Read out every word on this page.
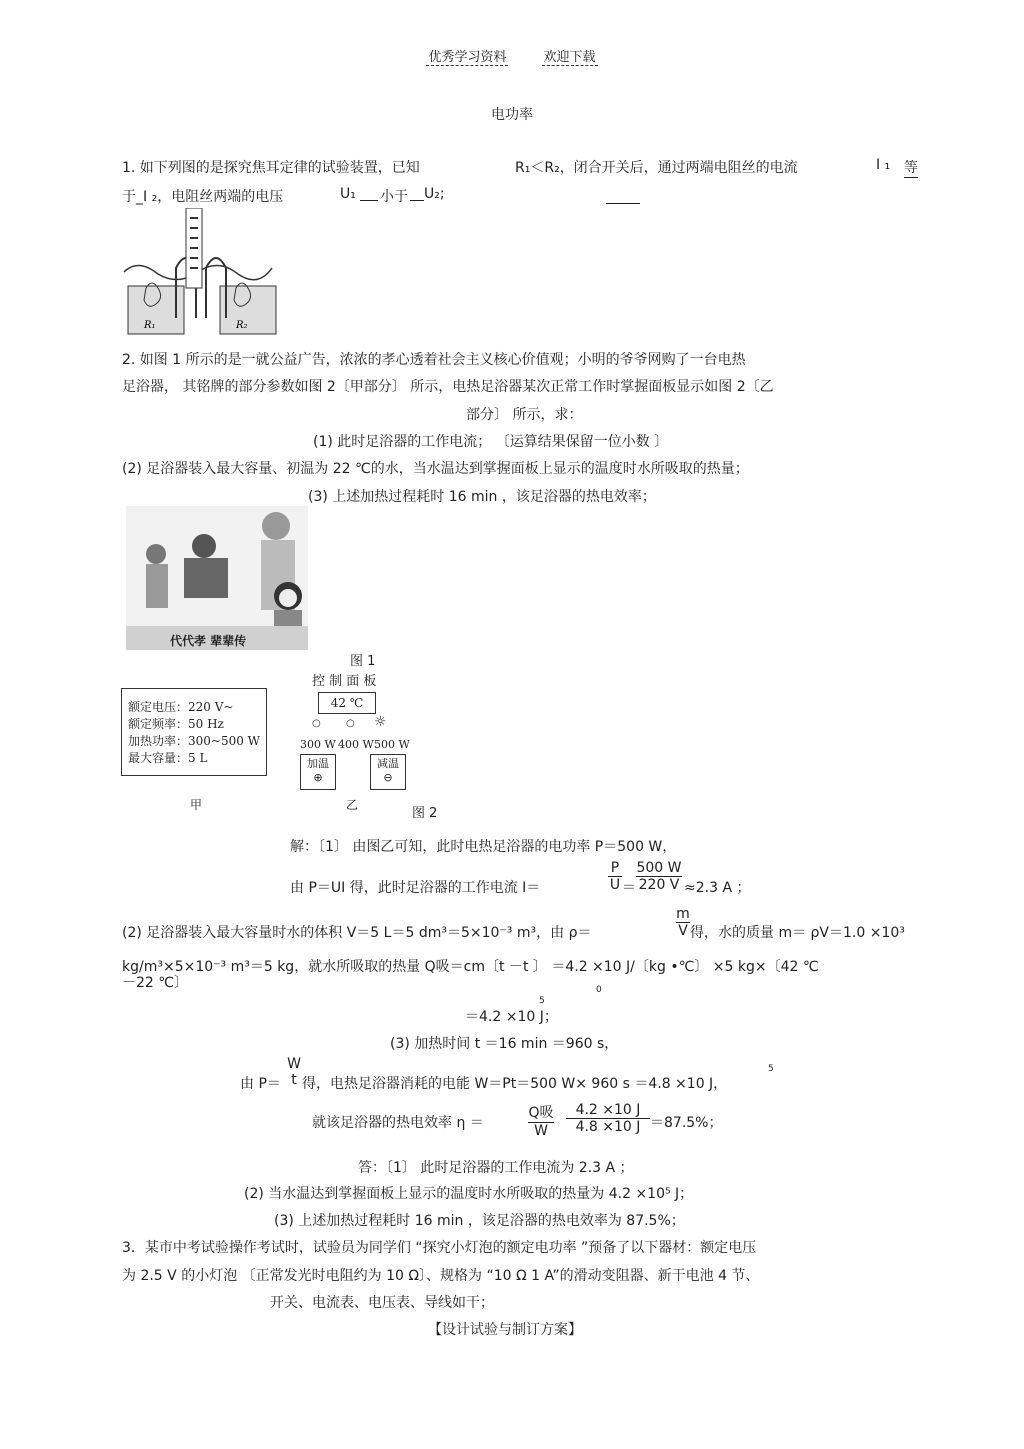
优秀学习资料	欢迎下载
电功率
1. 如下列图的是探究焦耳定律的试验装置，已知	R₁＜R₂，闭合开关后，通过两端电阻丝的电流	I ₁ 等
于_I ₂，电阻丝两端的电压	U₁ 小于 U₂;
R₁	R₂
2. 如图 1 所示的是一就公益广告，浓浓的孝心透着社会主义核心价值观；小明的爷爷网购了一台电热
足浴器， 其铭牌的部分参数如图 2〔甲部分〕 所示，电热足浴器某次正常工作时掌握面板显示如图 2〔乙
部分〕 所示，求：
(1) 此时足浴器的工作电流； 〔运算结果保留一位小数 〕
(2) 足浴器装入最大容量、初温为 22 ℃的水，当水温达到掌握面板上显示的温度时水所吸取的热量；
(3) 上述加热过程耗时 16 min ，该足浴器的热电效率；
代代孝 辈辈传
图 1
额定电压：220 V~
额定频率：50 Hz
加热功率：300~500 W
最大容量：5 L
甲
控 制 面 板
42 ℃
○	○ ☼
300 W 400 W 500 W
加温
⊕
减温
⊖
乙
图 2
解：〔1〕 由图乙可知，此时电热足浴器的电功率 P＝500 W，
由 P＝UI 得，此时足浴器的工作电流 I＝	$\frac{P}{U} = \frac{500 W}{220 V} \approx 2.3$ A ；
(2) 足浴器装入最大容量时水的体积 V＝5 L＝5 dm³＝5×10⁻³ m³，由 ρ＝	$\frac{m}{V}$ 得，水的质量 m＝ ρV＝1.0 ×10³
kg/m³×5×10⁻³ m³＝5 kg，就水所吸取的热量 Q吸＝cm〔t －t 〕 ＝4.2 ×10 J/〔kg •℃〕 ×5 kg×〔42 ℃
－22 ℃〕	0
＝4.2 ×10 J；
5
(3) 加热时间 t ＝16 min ＝960 s，
由 P＝
W
t 得，电热足浴器消耗的电能 W＝Pt＝500 W× 960 s ＝4.8 ×10 J，
5
就该足浴器的热电效率 η ＝
Q吸
W	$\frac{4.2 \times 10 J}{4.8 \times 10 J} =87.5\%$；
答：〔1〕 此时足浴器的工作电流为 2.3 A ；
(2) 当水温达到掌握面板上显示的温度时水所吸取的热量为 4.2 ×10⁵ J；
(3) 上述加热过程耗时 16 min ，该足浴器的热电效率为 87.5%；
3．某市中考试验操作考试时，试验员为同学们 “探究小灯泡的额定电功率 ”预备了以下器材：额定电压
为 2.5 V 的小灯泡 〔正常发光时电阻约为 10 Ω〕、规格为 “10 Ω 1 A”的滑动变阻器、新干电池 4 节、
开关、电流表、电压表、导线如干；
【设计试验与制订方案】
